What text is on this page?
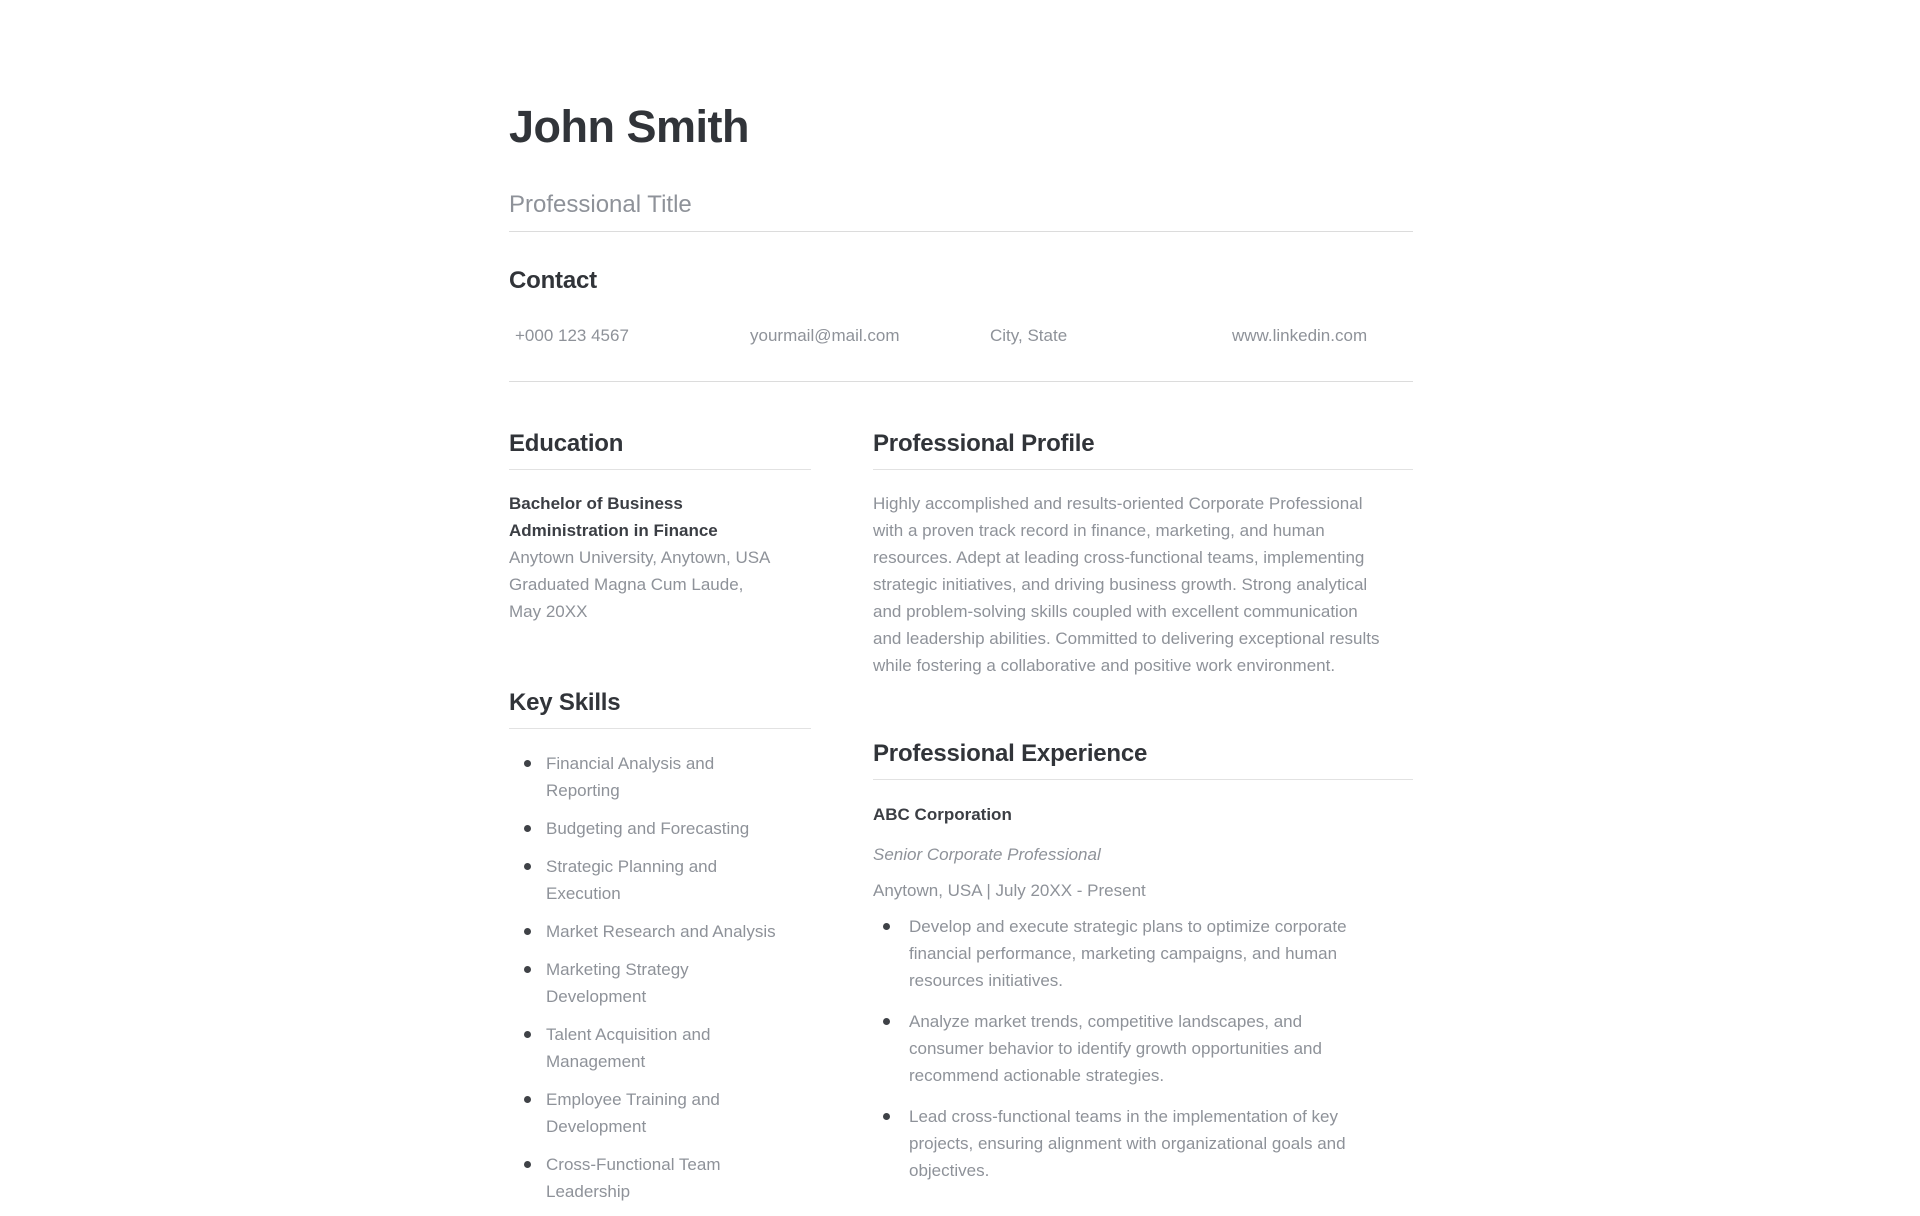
John Smith
Professional Title
Contact
+000 123 4567	yourmail@mail.com	City, State	www.linkedin.com
Education
Bachelor of Business Administration in Finance
Anytown University, Anytown, USA
Graduated Magna Cum Laude, May 20XX
Key Skills
Financial Analysis and Reporting
Budgeting and Forecasting
Strategic Planning and Execution
Market Research and Analysis
Marketing Strategy Development
Talent Acquisition and Management
Employee Training and Development
Cross-Functional Team Leadership
Professional Profile

Highly accomplished and results-oriented Corporate Professional with a proven track record in finance, marketing, and human resources. Adept at leading cross-functional teams, implementing strategic initiatives, and driving business growth. Strong analytical and problem-solving skills coupled with excellent communication and leadership abilities. Committed to delivering exceptional results while fostering a collaborative and positive work environment.

Professional Experience
ABC Corporation
Senior Corporate Professional
Anytown, USA | July 20XX - Present
Develop and execute strategic plans to optimize corporate financial performance, marketing campaigns, and human resources initiatives.
Analyze market trends, competitive landscapes, and consumer behavior to identify growth opportunities and recommend actionable strategies.
Lead cross-functional teams in the implementation of key projects, ensuring alignment with organizational goals and objectives.
